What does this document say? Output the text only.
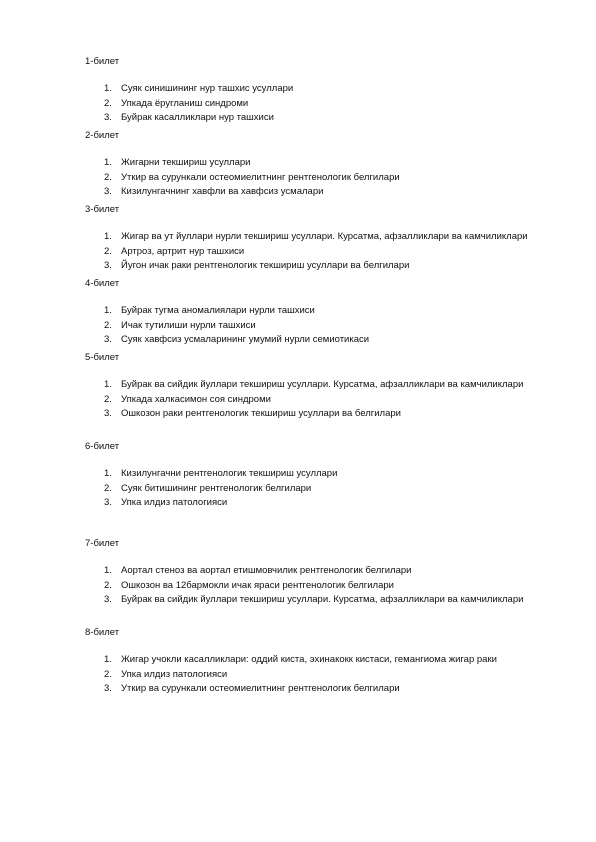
1-билет
1. Суяк синишининг нур ташхис усуллари
2. Упкада ёругланиш синдроми
3. Буйрак касалликлари нур ташхиси
2-билет
1. Жигарни текшириш усуллари
2. Уткир ва сурункали остеомиелитнинг рентгенологик белгилари
3. Кизилунгачнинг хавфли ва хавфсиз усмалари
3-билет
1. Жигар ва ут йуллари нурли текшириш усуллари. Курсатма, афзалликлари ва камчиликлари
2. Артроз, артрит нур ташхиси
3. Йугон ичак раки рентгенологик текшириш усуллари ва белгилари
4-билет
1. Буйрак тугма аномалиялари нурли ташхиси
2. Ичак тутилиши нурли ташхиси
3. Суяк хавфсиз усмаларининг умумий нурли семиотикаси
5-билет
1. Буйрак ва сийдик йуллари текшириш усуллари. Курсатма, афзалликлари ва камчиликлари
2. Упкада халкасимон соя синдроми
3. Ошкозон раки рентгенологик текшириш усуллари ва белгилари
6-билет
1. Кизилунгачни рентгенологик текшириш усуллари
2. Суяк битишининг рентгенологик белгилари
3. Упка илдиз патологияси
7-билет
1. Аортал стеноз ва аортал етишмовчилик рентгенологик белгилари
2. Ошкозон ва 12бармокли ичак яраси рентгенологик белгилари
3. Буйрак ва сийдик йуллари текшириш усуллари. Курсатма, афзалликлари ва камчиликлари
8-билет
1. Жигар учокли касалликлари: оддий киста, эхинакокк кистаси, гемангиома жигар раки
2. Упка илдиз патологияси
3. Уткир ва сурункали остеомиелитнинг рентгенологик белгилари
